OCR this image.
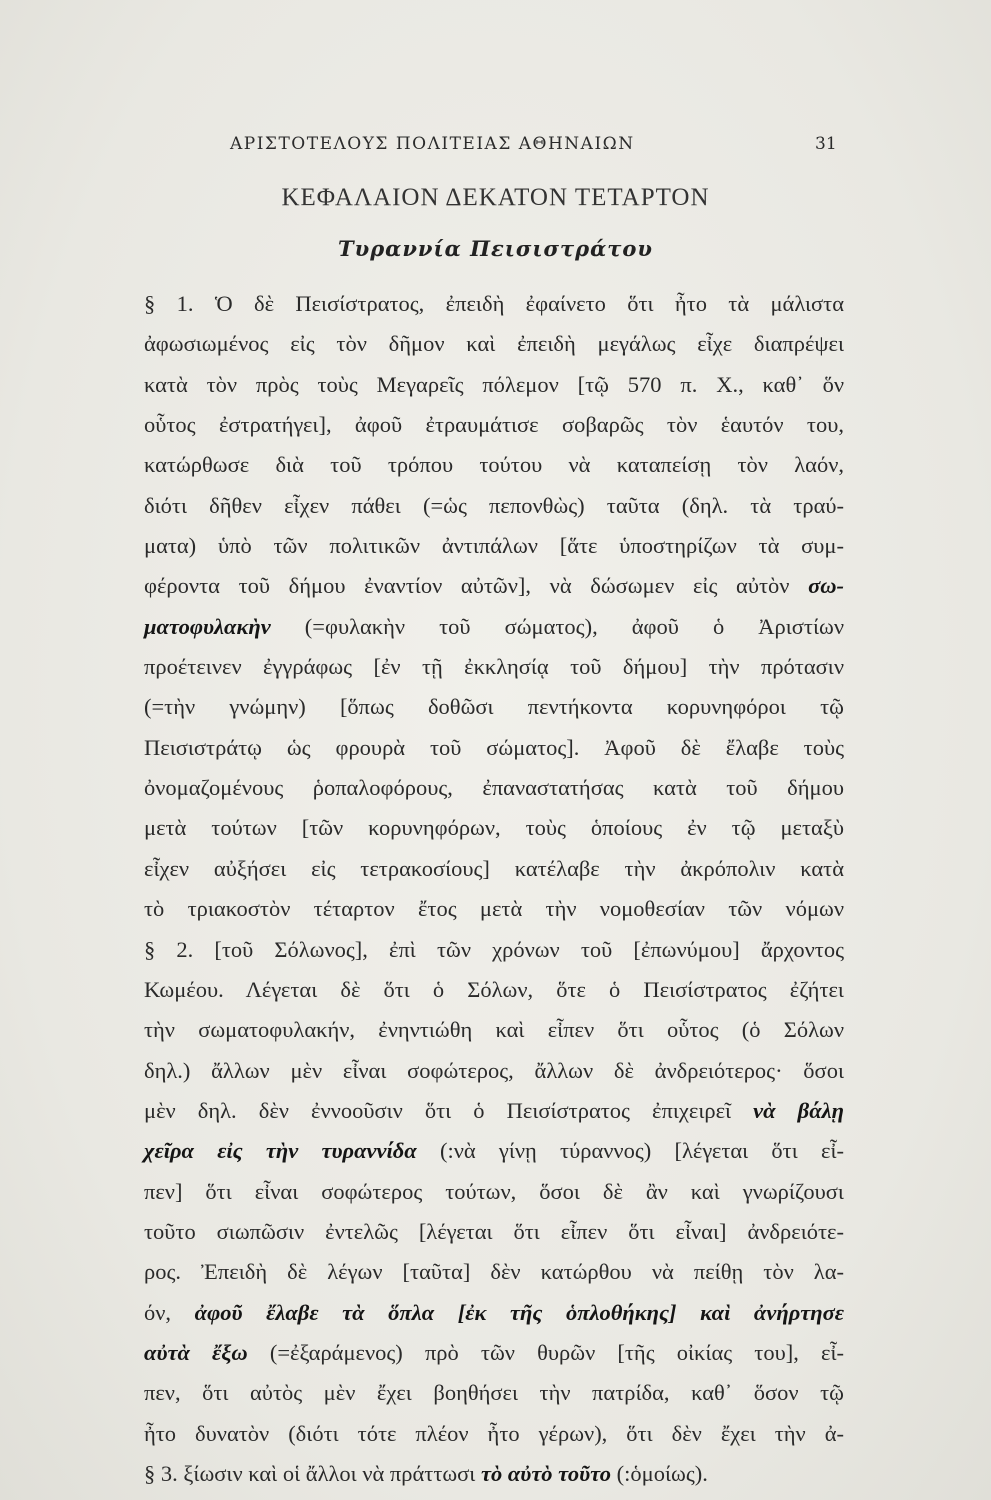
ΑΡΙΣΤΟΤΕΛΟΥΣ ΠΟΛΙΤΕΙΑΣ ΑΘΗΝΑΙΩΝ	31
ΚΕΦΑΛΑΙΟΝ ΔΕΚΑΤΟΝ ΤΕΤΑΡΤΟΝ
Τυραννία Πεισιστράτου
§ 1. Ὁ δὲ Πεισίστρατος, ἐπειδὴ ἐφαίνετο ὅτι ἦτο τὰ μάλιστα
ἀφωσιωμένος εἰς τὸν δῆμον καὶ ἐπειδὴ μεγάλως εἶχε διαπρέψει
κατὰ τὸν πρὸς τοὺς Μεγαρεῖς πόλεμον [τῷ 570 π. Χ., καθ᾽ ὅν
οὗτος ἐστρατήγει], ἀφοῦ ἐτραυμάτισε σοβαρῶς τὸν ἑαυτόν του,
κατώρθωσε διὰ τοῦ τρόπου τούτου νὰ καταπείσῃ τὸν λαόν,
διότι δῆθεν εἶχεν πάθει (=ὡς πεπονθὼς) ταῦτα (δηλ. τὰ τραύ-
ματα) ὑπὸ τῶν πολιτικῶν ἀντιπάλων [ἅτε ὑποστηρίζων τὰ συμ-
φέροντα τοῦ δήμου ἐναντίον αὐτῶν], νὰ δώσωμεν εἰς αὐτὸν σω-
ματοφυλακὴν (=φυλακὴν τοῦ σώματος), ἀφοῦ ὁ Ἀριστίων
προέτεινεν ἐγγράφως [ἐν τῇ ἐκκλησίᾳ τοῦ δήμου] τὴν πρότασιν
(=τὴν γνώμην) [ὅπως δοθῶσι πεντήκοντα κορυνηφόροι τῷ
Πεισιστράτῳ ὡς φρουρὰ τοῦ σώματος]. Ἀφοῦ δὲ ἔλαβε τοὺς
ὀνομαζομένους ῥοπαλοφόρους, ἐπαναστατήσας κατὰ τοῦ δήμου
μετὰ τούτων [τῶν κορυνηφόρων, τοὺς ὁποίους ἐν τῷ μεταξὺ
εἶχεν αὐξήσει εἰς τετρακοσίους] κατέλαβε τὴν ἀκρόπολιν κατὰ
τὸ τριακοστὸν τέταρτον ἔτος μετὰ τὴν νομοθεσίαν τῶν νόμων
§ 2. [τοῦ Σόλωνος], ἐπὶ τῶν χρόνων τοῦ [ἐπωνύμου] ἄρχοντος
Κωμέου. Λέγεται δὲ ὅτι ὁ Σόλων, ὅτε ὁ Πεισίστρατος ἐζήτει
τὴν σωματοφυλακήν, ἐνηντιώθη καὶ εἶπεν ὅτι οὗτος (ὁ Σόλων
δηλ.) ἄλλων μὲν εἶναι σοφώτερος, ἄλλων δὲ ἀνδρειότερος· ὅσοι
μὲν δηλ. δὲν ἐννοοῦσιν ὅτι ὁ Πεισίστρατος ἐπιχειρεῖ νὰ βάλῃ
χεῖρα εἰς τὴν τυραννίδα (:νὰ γίνῃ τύραννος) [λέγεται ὅτι εἶ-
πεν] ὅτι εἶναι σοφώτερος τούτων, ὅσοι δὲ ἂν καὶ γνωρίζουσι
τοῦτο σιωπῶσιν ἐντελῶς [λέγεται ὅτι εἶπεν ὅτι εἶναι] ἀνδρειότε-
ρος. Ἐπειδὴ δὲ λέγων [ταῦτα] δὲν κατώρθου νὰ πείθῃ τὸν λα-
όν, ἀφοῦ ἔλαβε τὰ ὅπλα [ἐκ τῆς ὁπλοθήκης] καὶ ἀνήρτησε
αὐτὰ ἔξω (=ἐξαράμενος) πρὸ τῶν θυρῶν [τῆς οἰκίας του], εἶ-
πεν, ὅτι αὐτὸς μὲν ἔχει βοηθήσει τὴν πατρίδα, καθ᾽ ὅσον τῷ
ἦτο δυνατὸν (διότι τότε πλέον ἦτο γέρων), ὅτι δὲν ἔχει τὴν ἀ-
§ 3. ξίωσιν καὶ οἱ ἄλλοι νὰ πράττωσι τὸ αὐτὸ τοῦτο (:ὁμοίως).
